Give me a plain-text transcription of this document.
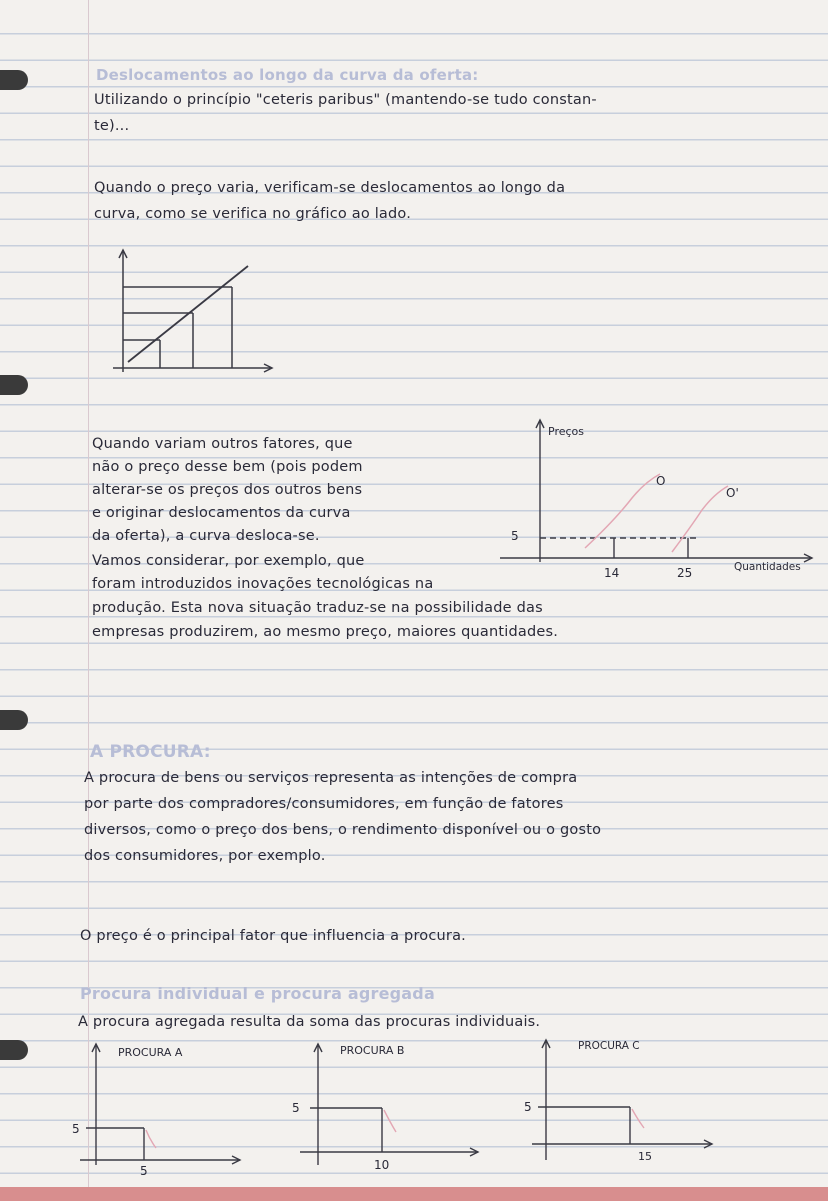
Deslocamentos ao longo da curva da oferta:
Utilizando o princípio "ceteris paribus" (mantendo-se tudo constan-
te)...
Quando o preço varia, verificam-se deslocamentos ao longo da
curva, como se verifica no gráfico ao lado.
Quando variam outros fatores, que
não o preço desse bem (pois podem
alterar-se os preços dos outros bens
e originar deslocamentos da curva
da oferta), a curva desloca-se.
Vamos considerar, por exemplo, que
foram introduzidos inovações tecnológicas na
produção. Esta nova situação traduz-se na possibilidade das
empresas produzirem, ao mesmo preço, maiores quantidades.
Preços
5
14	25	Quantidades
O
O'
A PROCURA:
A procura de bens ou serviços representa as intenções de compra
por parte dos compradores/consumidores, em função de fatores
diversos, como o preço dos bens, o rendimento disponível ou o gosto
dos consumidores, por exemplo.
O preço é o principal fator que influencia a procura.
Procura individual e procura agregada
A procura agregada resulta da soma das procuras individuais.
PROCURA A
5
5
PROCURA B
5
10
PROCURA C
5
15
